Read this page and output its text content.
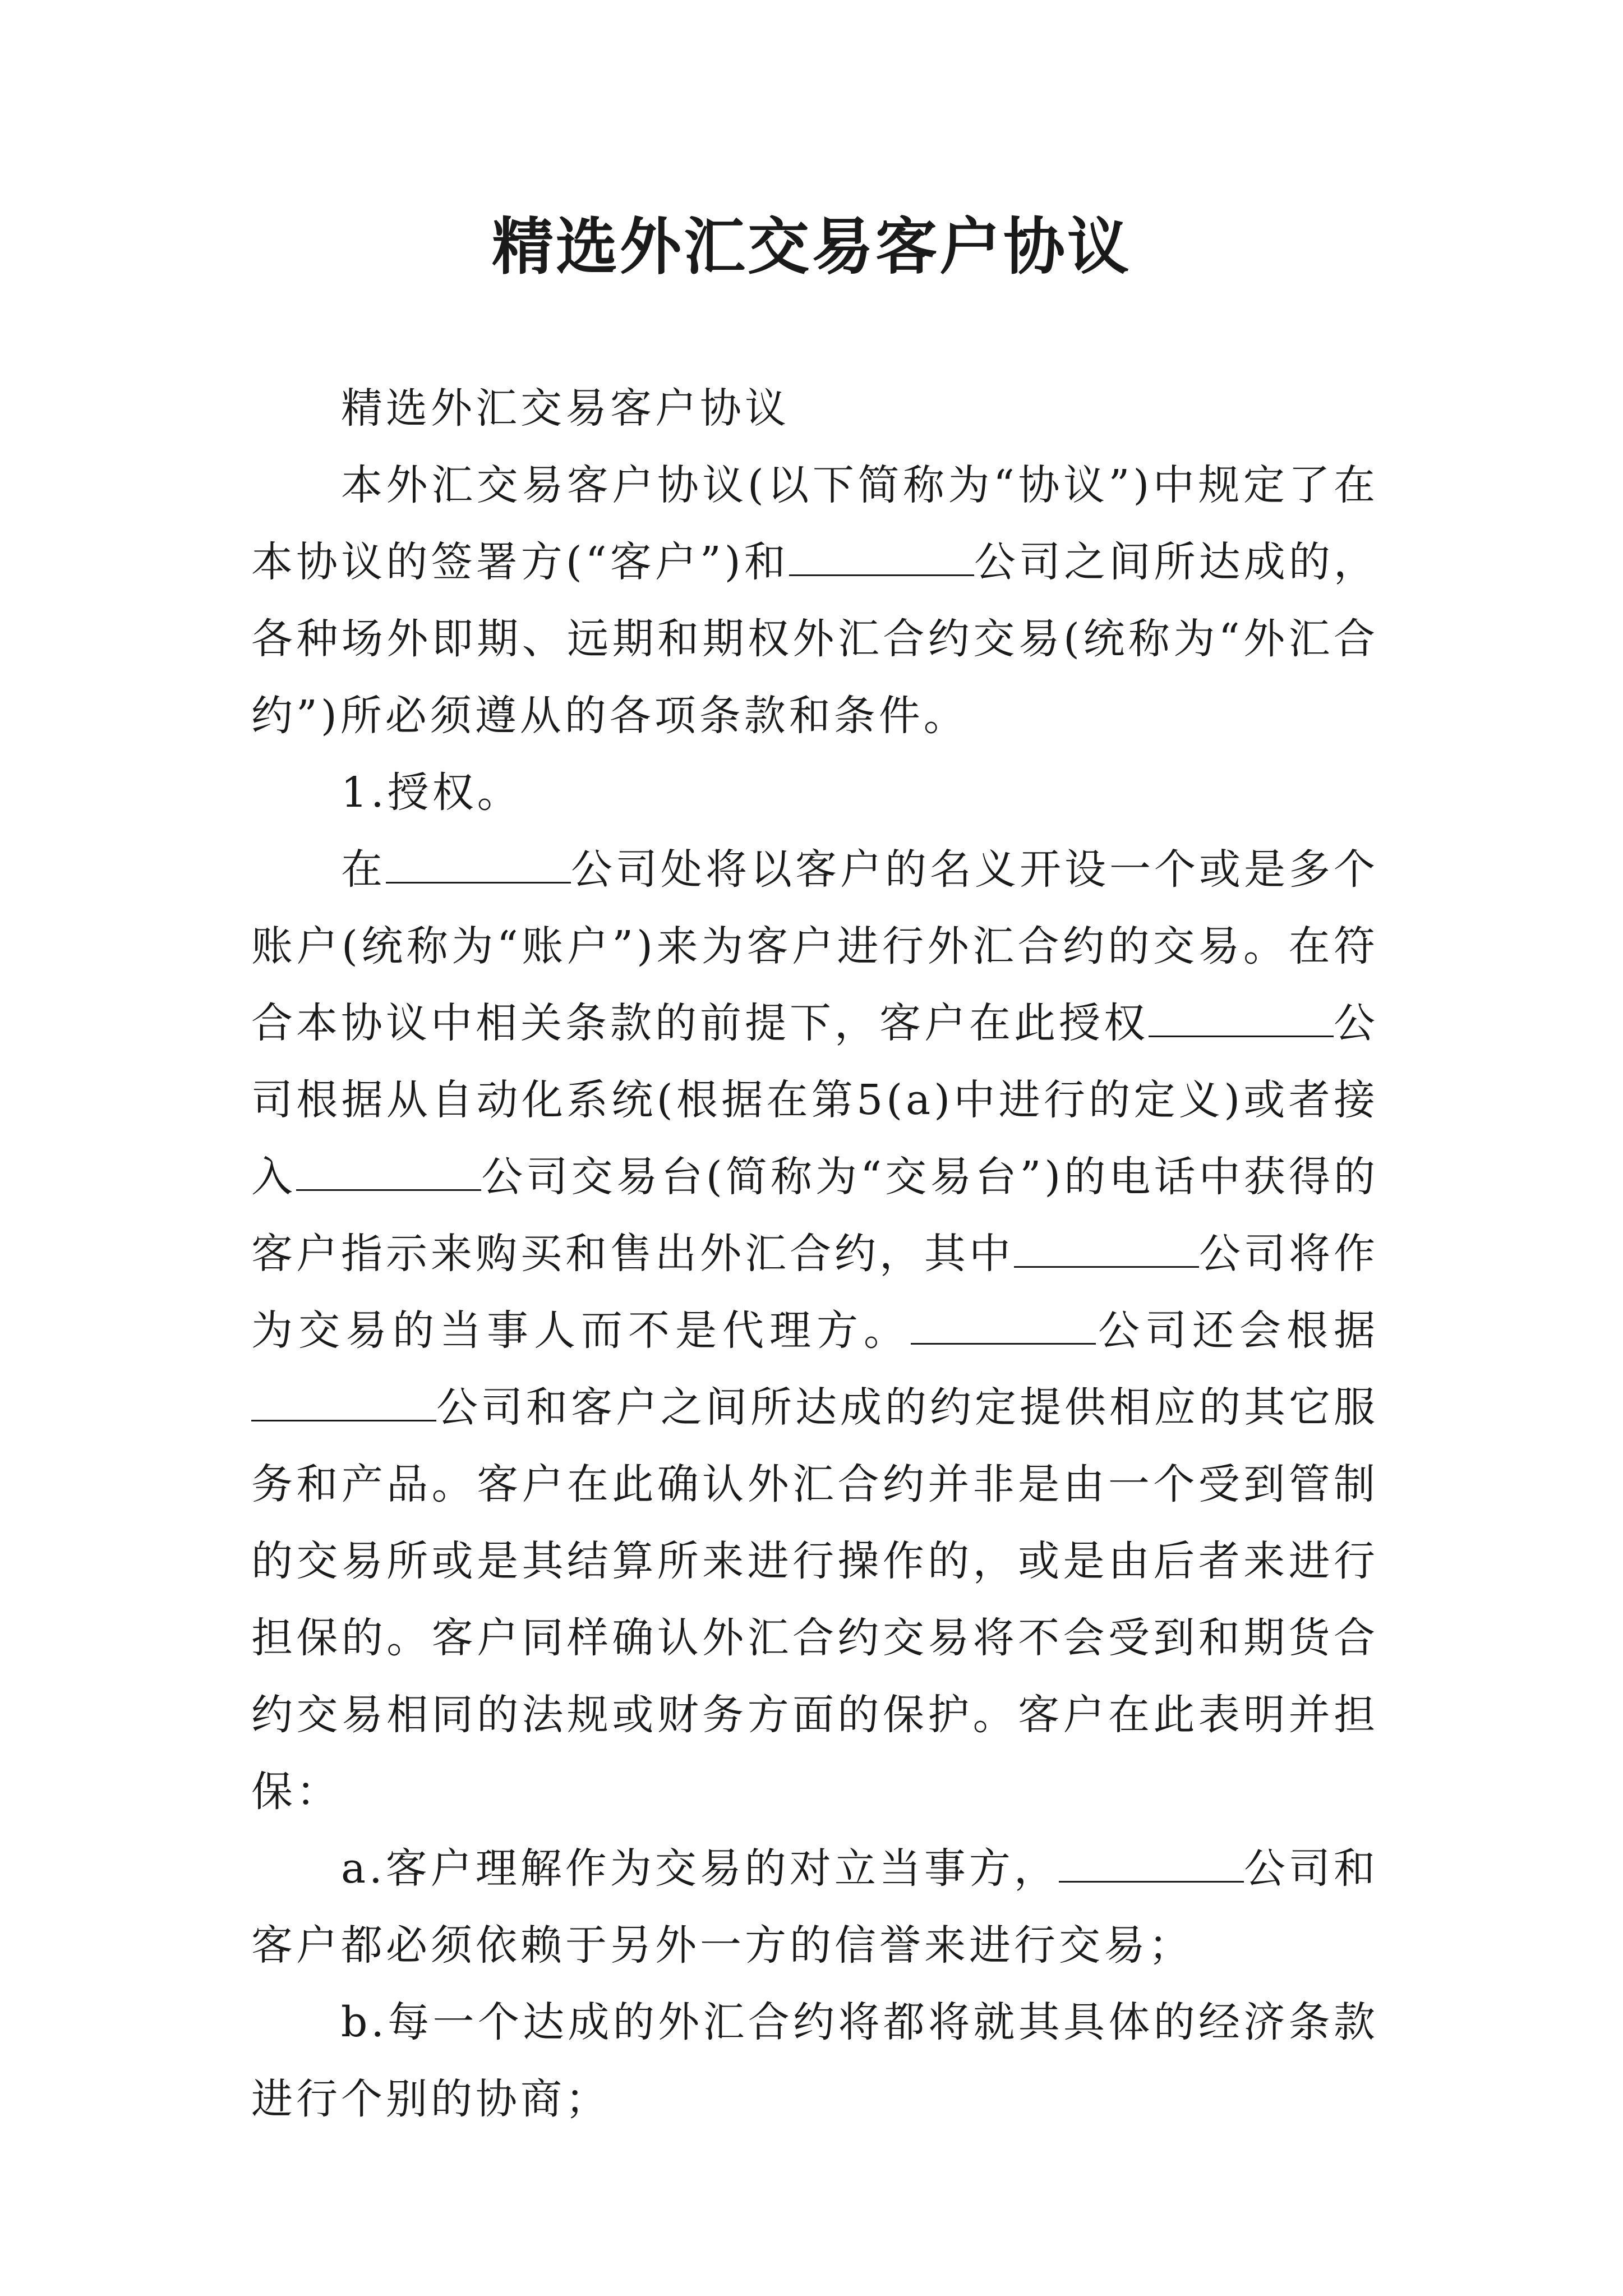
精选外汇交易客户协议

精选外汇交易客户协议

本外汇交易客户协议(以下简称为“协议”)中规定了在本协议的签署方(“客户”)和	公司之间所达成的，各种场外即期、远期和期权外汇合约交易(统称为“外汇合约”)所必须遵从的各项条款和条件。

1.授权。

在	公司处将以客户的名义开设一个或是多个账户(统称为“账户”)来为客户进行外汇合约的交易。在符合本协议中相关条款的前提下，客户在此授权	公司根据从自动化系统(根据在第5(a)中进行的定义)或者接入	公司交易台(简称为“交易台”)的电话中获得的客户指示来购买和售出外汇合约，其中	公司将作为交易的当事人而不是代理方。	公司还会根据公司和客户之间所达成的约定提供相应的其它服务和产品。客户在此确认外汇合约并非是由一个受到管制的交易所或是其结算所来进行操作的，或是由后者来进行担保的。客户同样确认外汇合约交易将不会受到和期货合约交易相同的法规或财务方面的保护。客户在此表明并担保：

a.客户理解作为交易的对立当事方，	公司和客户都必须依赖于另外一方的信誉来进行交易；

b.每一个达成的外汇合约将都将就其具体的经济条款进行个别的协商；
